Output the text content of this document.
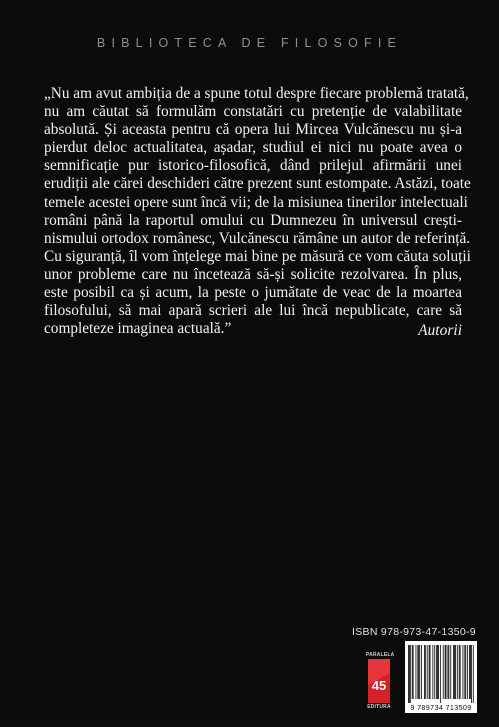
BIBLIOTECA DE FILOSOFIE
„Nu am avut ambiția de a spune totul despre fiecare problemă tratată,
nu am căutat să formulăm constatări cu pretenție de valabilitate
absolută. Și aceasta pentru că opera lui Mircea Vulcănescu nu și-a
pierdut deloc actualitatea, așadar, studiul ei nici nu poate avea o
semnificație pur istorico-filosofică, dând prilejul afirmării unei
erudiții ale cărei deschideri către prezent sunt estompate. Astăzi, toate
temele acestei opere sunt încă vii; de la misiunea tinerilor intelectuali
români până la raportul omului cu Dumnezeu în universul crești-
nismului ortodox românesc, Vulcănescu rămâne un autor de referință.
Cu siguranță, îl vom înțelege mai bine pe măsură ce vom căuta soluții
unor probleme care nu încetează să-și solicite rezolvarea. În plus,
este posibil ca și acum, la peste o jumătate de veac de la moartea
filosofului, să mai apară scrieri ale lui încă nepublicate, care să
completeze imaginea actuală.”	Autorii
ISBN 978-973-47-1350-9
PARALELA
45
EDITURA	9 789734 713509
